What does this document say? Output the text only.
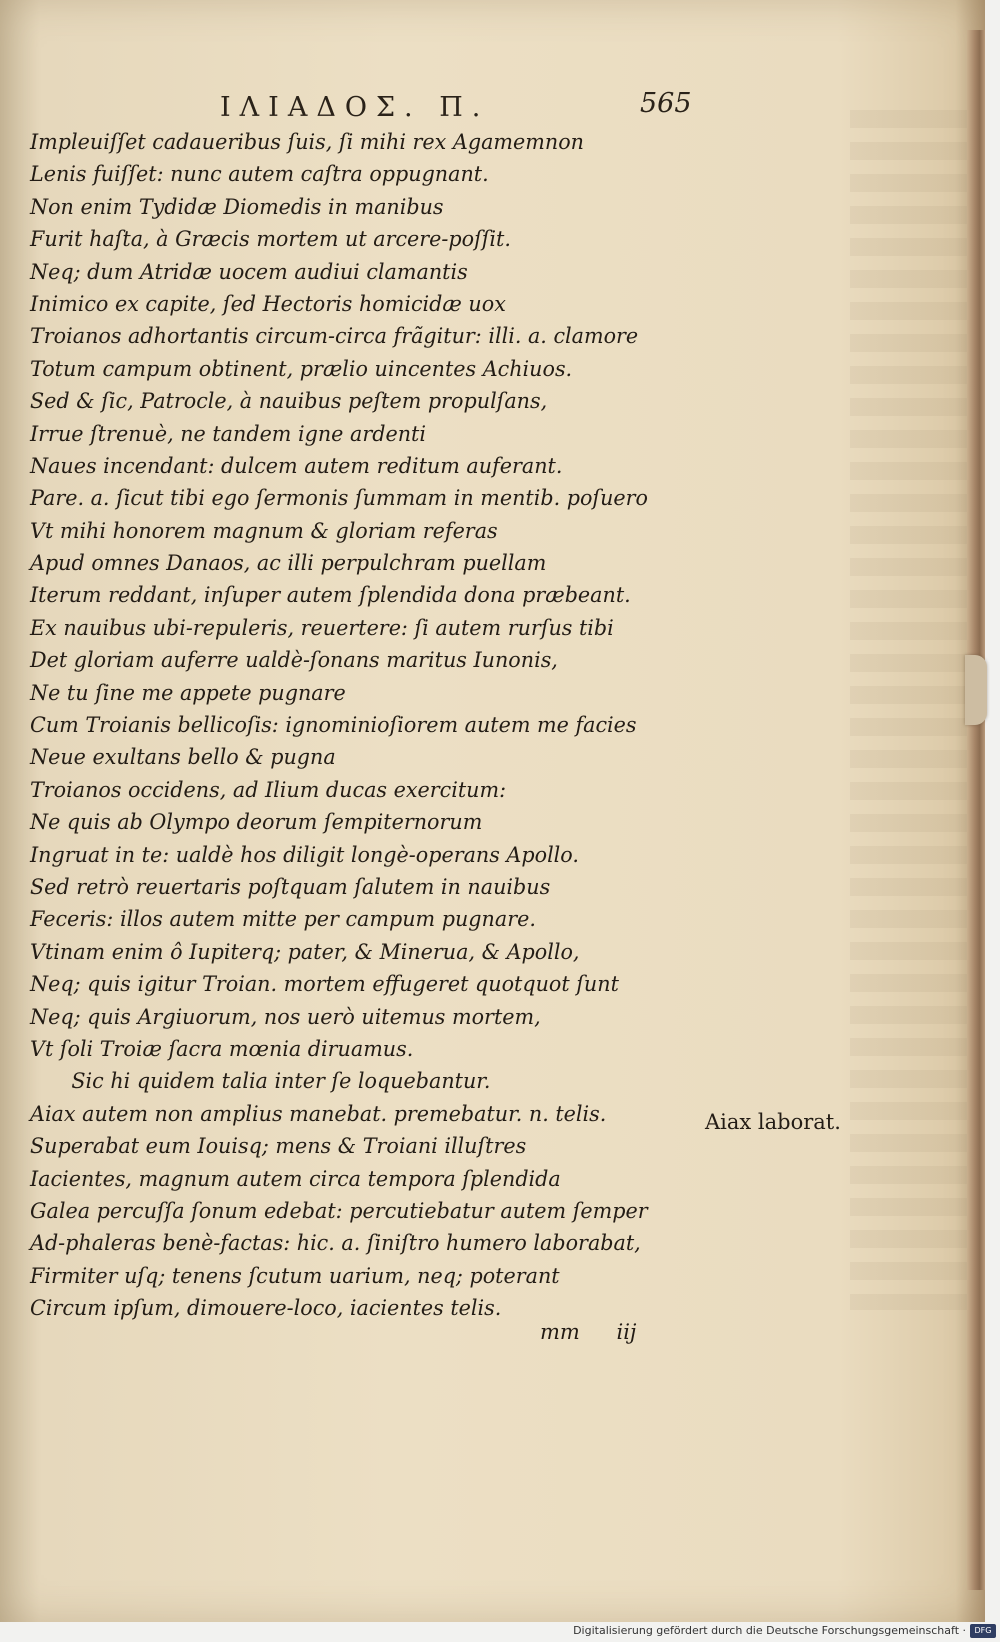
ΙΛΙΑΔΟΣ. Π.	565
Impleuiſſet cadaueribus ſuis, ſi mihi rex Agamemnon
Lenis fuiſſet: nunc autem caſtra oppugnant.
Non enim Tydidæ Diomedis in manibus
Furit haſta, à Græcis mortem ut arcere-poſſit.
Neq; dum Atridæ uocem audiui clamantis
Inimico ex capite, ſed Hectoris homicidæ uox
Troianos adhortantis circum-circa frãgitur: illi. a. clamore
Totum campum obtinent, prælio uincentes Achiuos.
Sed & ſic, Patrocle, à nauibus peſtem propulſans,
Irrue ſtrenuè, ne tandem igne ardenti
Naues incendant: dulcem autem reditum auferant.
Pare. a. ſicut tibi ego ſermonis ſummam in mentib. poſuero
Vt mihi honorem magnum & gloriam referas
Apud omnes Danaos, ac illi perpulchram puellam
Iterum reddant, inſuper autem ſplendida dona præbeant.
Ex nauibus ubi-repuleris, reuertere: ſi autem rurſus tibi
Det gloriam auferre ualdè-ſonans maritus Iunonis,
Ne tu ſine me appete pugnare
Cum Troianis bellicoſis: ignominioſiorem autem me facies
Neue exultans bello & pugna
Troianos occidens, ad Ilium ducas exercitum:
Ne quis ab Olympo deorum ſempiternorum
Ingruat in te: ualdè hos diligit longè-operans Apollo.
Sed retrò reuertaris poſtquam ſalutem in nauibus
Feceris: illos autem mitte per campum pugnare.
Vtinam enim ô Iupiterq; pater, & Minerua, & Apollo,
Neq; quis igitur Troian. mortem effugeret quotquot ſunt
Neq; quis Argiuorum, nos uerò uitemus mortem,
Vt ſoli Troiæ ſacra mœnia diruamus.
Sic hi quidem talia inter ſe loquebantur.
Aiax autem non amplius manebat. premebatur. n. telis.
Superabat eum Iouisq; mens & Troiani illuſtres
Iacientes, magnum autem circa tempora ſplendida
Galea percuſſa ſonum edebat: percutiebatur autem ſemper
Ad-phaleras benè-factas: hic. a. ſiniſtro humero laborabat,
Firmiter uſq; tenens ſcutum uarium, neq; poterant
Circum ipſum, dimouere-loco, iacientes telis.
Aiax laborat.
mm iij
Digitalisierung gefördert durch die Deutsche Forschungsgemeinschaft ·	DFG
